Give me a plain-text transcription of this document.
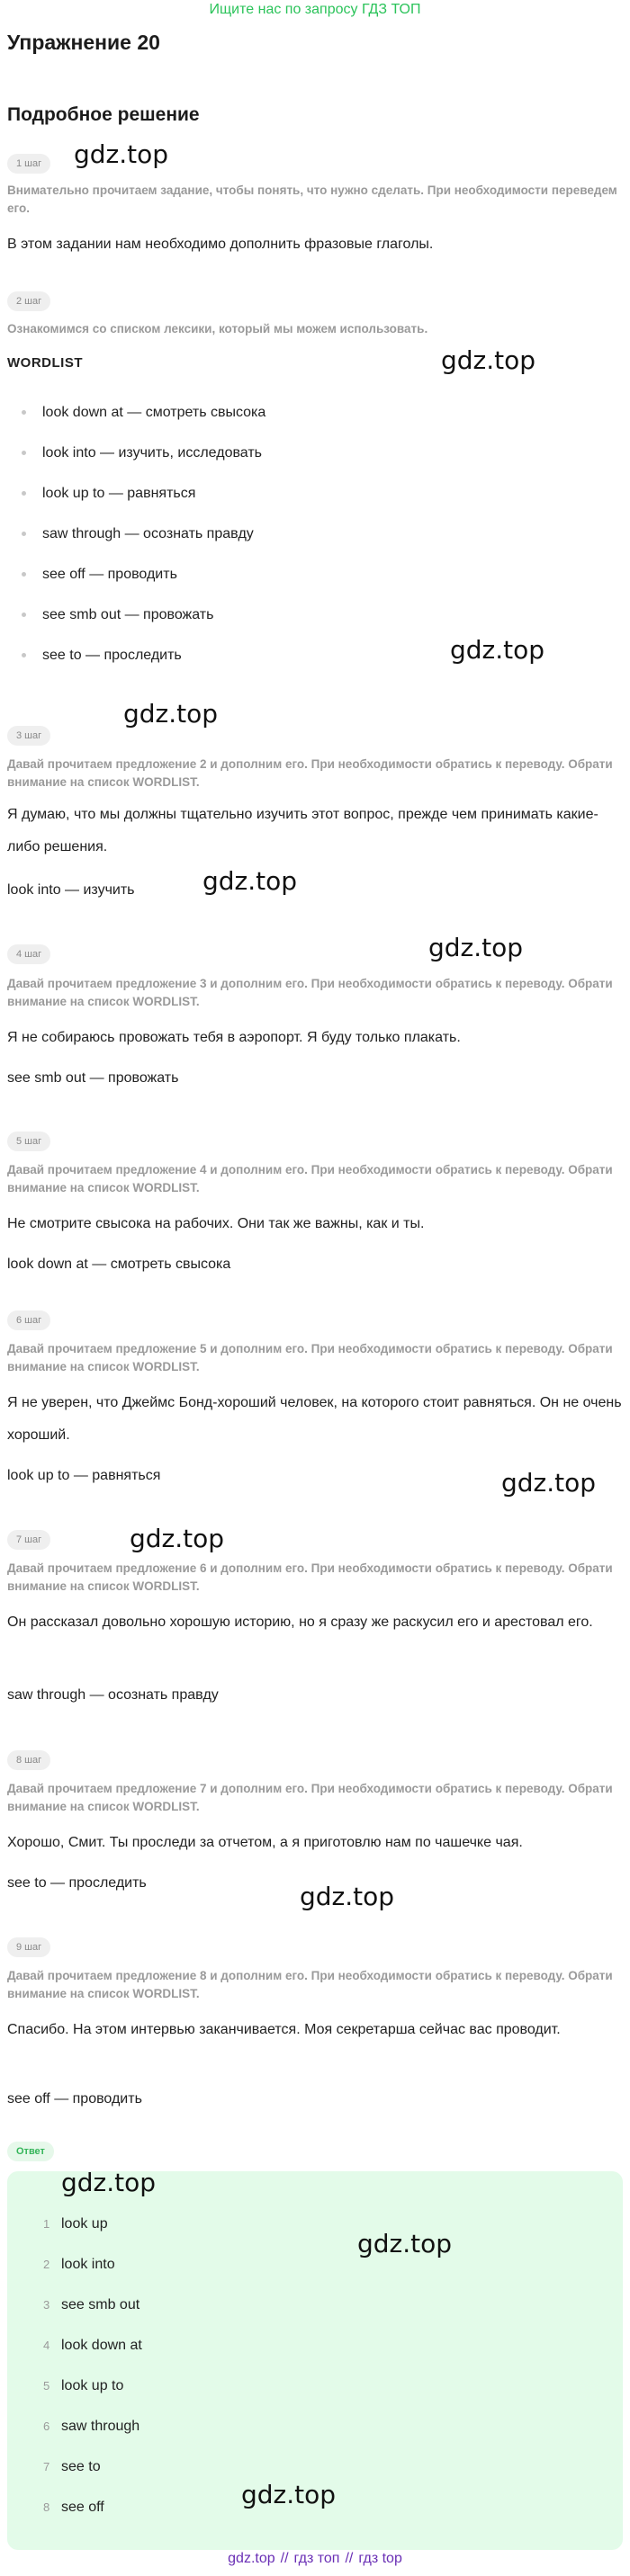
Ищите нас по запросу ГДЗ ТОП
Упражнение 20
Подробное решение
1 шаг
Внимательно прочитаем задание, чтобы понять, что нужно сделать. При необходимости переведем его.
В этом задании нам необходимо дополнить фразовые глаголы.
2 шаг
Ознакомимся со списком лексики, который мы можем использовать.
WORDLIST
look down at — смотреть свысока
look into — изучить, исследовать
look up to — равняться
saw through — осознать правду
see off — проводить
see smb out — провожать
see to — проследить
3 шаг
Давай прочитаем предложение 2 и дополним его. При необходимости обратись к переводу. Обрати внимание на список WORDLIST.
Я думаю, что мы должны тщательно изучить этот вопрос, прежде чем принимать какие-либо решения.
look into — изучить
4 шаг
Давай прочитаем предложение 3 и дополним его. При необходимости обратись к переводу. Обрати внимание на список WORDLIST.
Я не собираюсь провожать тебя в аэропорт. Я буду только плакать.
see smb out — провожать
5 шаг
Давай прочитаем предложение 4 и дополним его. При необходимости обратись к переводу. Обрати внимание на список WORDLIST.
Не смотрите свысока на рабочих. Они так же важны, как и ты.
look down at — смотреть свысока
6 шаг
Давай прочитаем предложение 5 и дополним его. При необходимости обратись к переводу. Обрати внимание на список WORDLIST.
Я не уверен, что Джеймс Бонд-хороший человек, на которого стоит равняться. Он не очень хороший.
look up to — равняться
7 шаг
Давай прочитаем предложение 6 и дополним его. При необходимости обратись к переводу. Обрати внимание на список WORDLIST.
Он рассказал довольно хорошую историю, но я сразу же раскусил его и арестовал его.
saw through — осознать правду
8 шаг
Давай прочитаем предложение 7 и дополним его. При необходимости обратись к переводу. Обрати внимание на список WORDLIST.
Хорошо, Смит. Ты проследи за отчетом, а я приготовлю нам по чашечке чая.
see to — проследить
9 шаг
Давай прочитаем предложение 8 и дополним его. При необходимости обратись к переводу. Обрати внимание на список WORDLIST.
Спасибо. На этом интервью заканчивается. Моя секретарша сейчас вас проводит.
see off — проводить
Ответ
1 look up
2 look into
3 see smb out
4 look down at
5 look up to
6 saw through
7 see to
8 see off
gdz.top
gdz.top
gdz.top
gdz.top
gdz.top
gdz.top
gdz.top
gdz.top
gdz.top
gdz.top
gdz.top
gdz.top
gdz.top // гдз топ // гдз top
